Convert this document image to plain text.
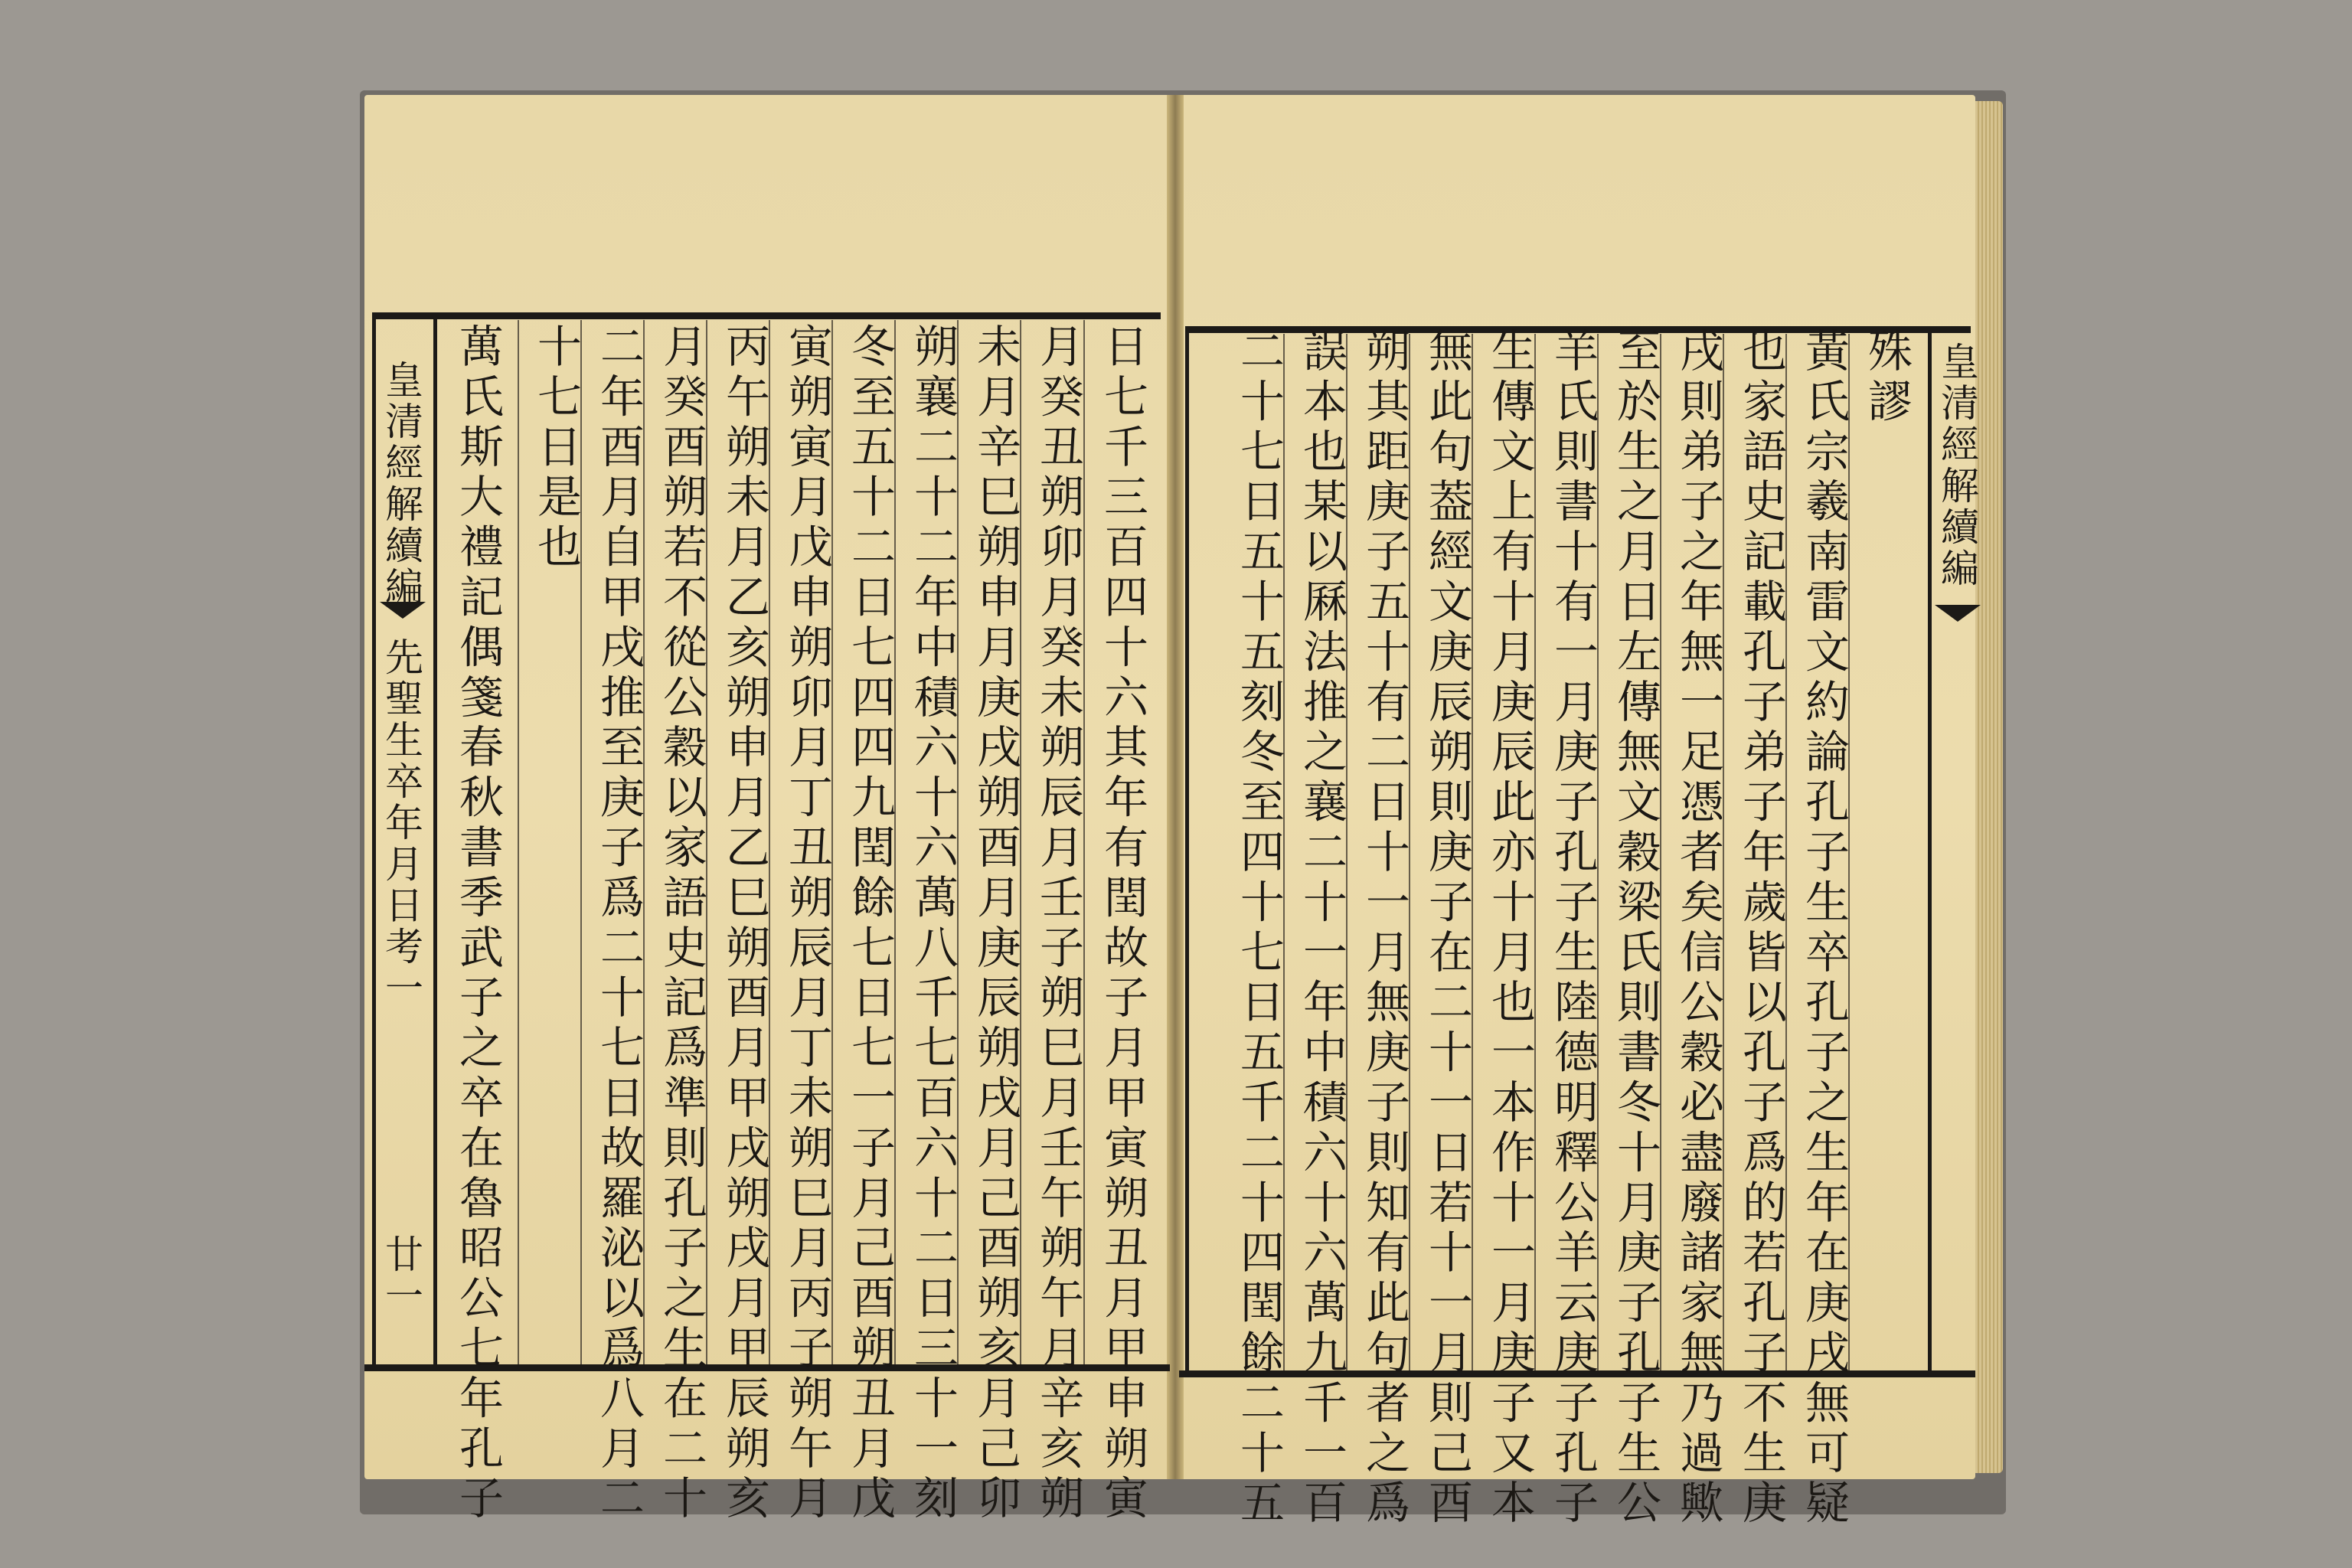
皇清經解續編
先聖生卒年月日考一
廿一	日七千三百四十六其年有閏故子月甲寅朔丑月甲申朔寅
月癸丑朔卯月癸未朔辰月壬子朔巳月壬午朔午月辛亥朔
未月辛巳朔申月庚戌朔酉月庚辰朔戌月己酉朔亥月己卯
朔襄二十二年中積六十六萬八千七百六十二日三十一刻
冬至五十二日七四四九閏餘七日七一子月己酉朔丑月戊
寅朔寅月戊申朔卯月丁丑朔辰月丁未朔巳月丙子朔午月
丙午朔未月乙亥朔申月乙巳朔酉月甲戌朔戌月甲辰朔亥
月癸酉朔若不從公穀以家語史記爲準則孔子之生在二十
二年酉月自甲戌推至庚子爲二十七日故羅泌以爲八月二
十七日是也
萬氏斯大禮記偶箋春秋書季武子之卒在魯昭公七年孔子	皇清經解續編
殊謬
黃氏宗羲南雷文約論孔子生卒孔子之生年在庚戌無可疑
也家語史記載孔子弟子年歲皆以孔子爲的若孔子不生庚
戌則弟子之年無一足憑者矣信公穀必盡廢諸家無乃過歟
至於生之月日左傳無文穀梁氏則書冬十月庚子孔子生公
羊氏則書十有一月庚子孔子生陸德明釋公羊云庚子孔子
生傳文上有十月庚辰此亦十月也一本作十一月庚子又本
無此句葢經文庚辰朔則庚子在二十一日若十一月則己酉
朔其距庚子五十有二日十一月無庚子則知有此句者之爲
誤本也某以厤法推之襄二十一年中積六十六萬九千一百
二十七日五十五刻冬至四十七日五千二十四閏餘二十五
